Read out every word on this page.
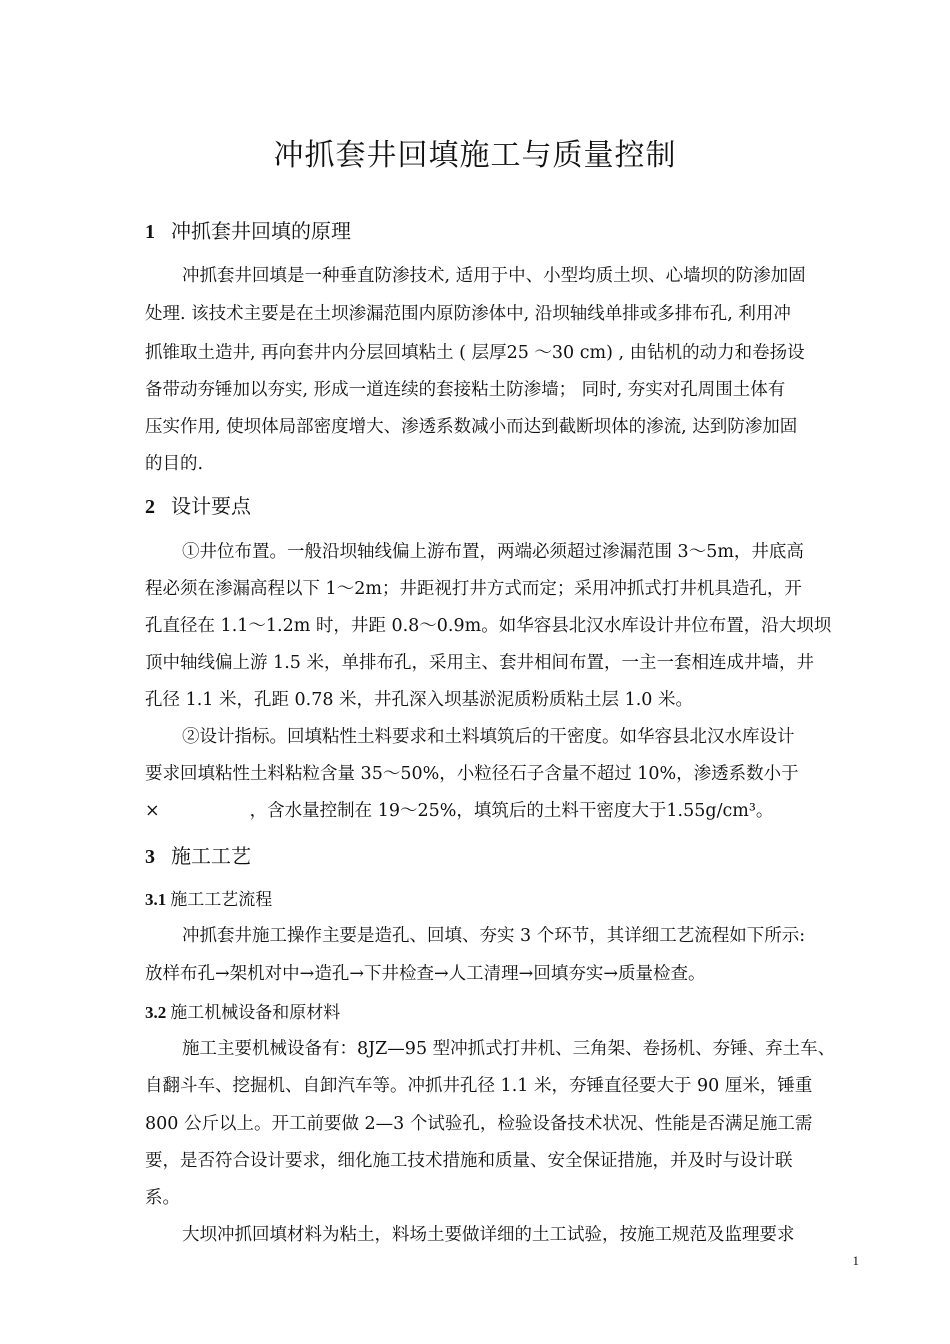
冲抓套井回填施工与质量控制
1 冲抓套井回填的原理
冲抓套井回填是一种垂直防渗技术, 适用于中、小型均质土坝、心墙坝的防渗加固
处理. 该技术主要是在土坝渗漏范围内原防渗体中, 沿坝轴线单排或多排布孔, 利用冲
抓锥取土造井, 再向套井内分层回填粘土 ( 层厚25 ～30 cm) , 由钻机的动力和卷扬设
备带动夯锤加以夯实, 形成一道连续的套接粘土防渗墙； 同时, 夯实对孔周围土体有
压实作用, 使坝体局部密度增大、渗透系数减小而达到截断坝体的渗流, 达到防渗加固
的目的.
2 设计要点
①井位布置。一般沿坝轴线偏上游布置，两端必须超过渗漏范围 3～5m，井底高
程必须在渗漏高程以下 1～2m；井距视打井方式而定；采用冲抓式打井机具造孔，开
孔直径在 1.1～1.2m 时，井距 0.8～0.9m。如华容县北汉水库设计井位布置，沿大坝坝
顶中轴线偏上游 1.5 米，单排布孔，采用主、套井相间布置，一主一套相连成井墙，井
孔径 1.1 米，孔距 0.78 米，井孔深入坝基淤泥质粉质粘土层 1.0 米。
②设计指标。回填粘性土料要求和土料填筑后的干密度。如华容县北汉水库设计
要求回填粘性土料粘粒含量 35～50%，小粒径石子含量不超过 10%，渗透系数小于
×	，含水量控制在 19～25%，填筑后的土料干密度大于1.55g/cm³。
3 施工工艺
3.1 施工工艺流程
冲抓套井施工操作主要是造孔、回填、夯实 3 个环节，其详细工艺流程如下所示:
放样布孔→架机对中→造孔→下井检查→人工清理→回填夯实→质量检查。
3.2 施工机械设备和原材料
施工主要机械设备有：8JZ—95 型冲抓式打井机、三角架、卷扬机、夯锤、弃土车、
自翻斗车、挖掘机、自卸汽车等。冲抓井孔径 1.1 米，夯锤直径要大于 90 厘米，锤重
800 公斤以上。开工前要做 2—3 个试验孔，检验设备技术状况、性能是否满足施工需
要，是否符合设计要求，细化施工技术措施和质量、安全保证措施，并及时与设计联
系。
大坝冲抓回填材料为粘土，料场土要做详细的土工试验，按施工规范及监理要求
1
